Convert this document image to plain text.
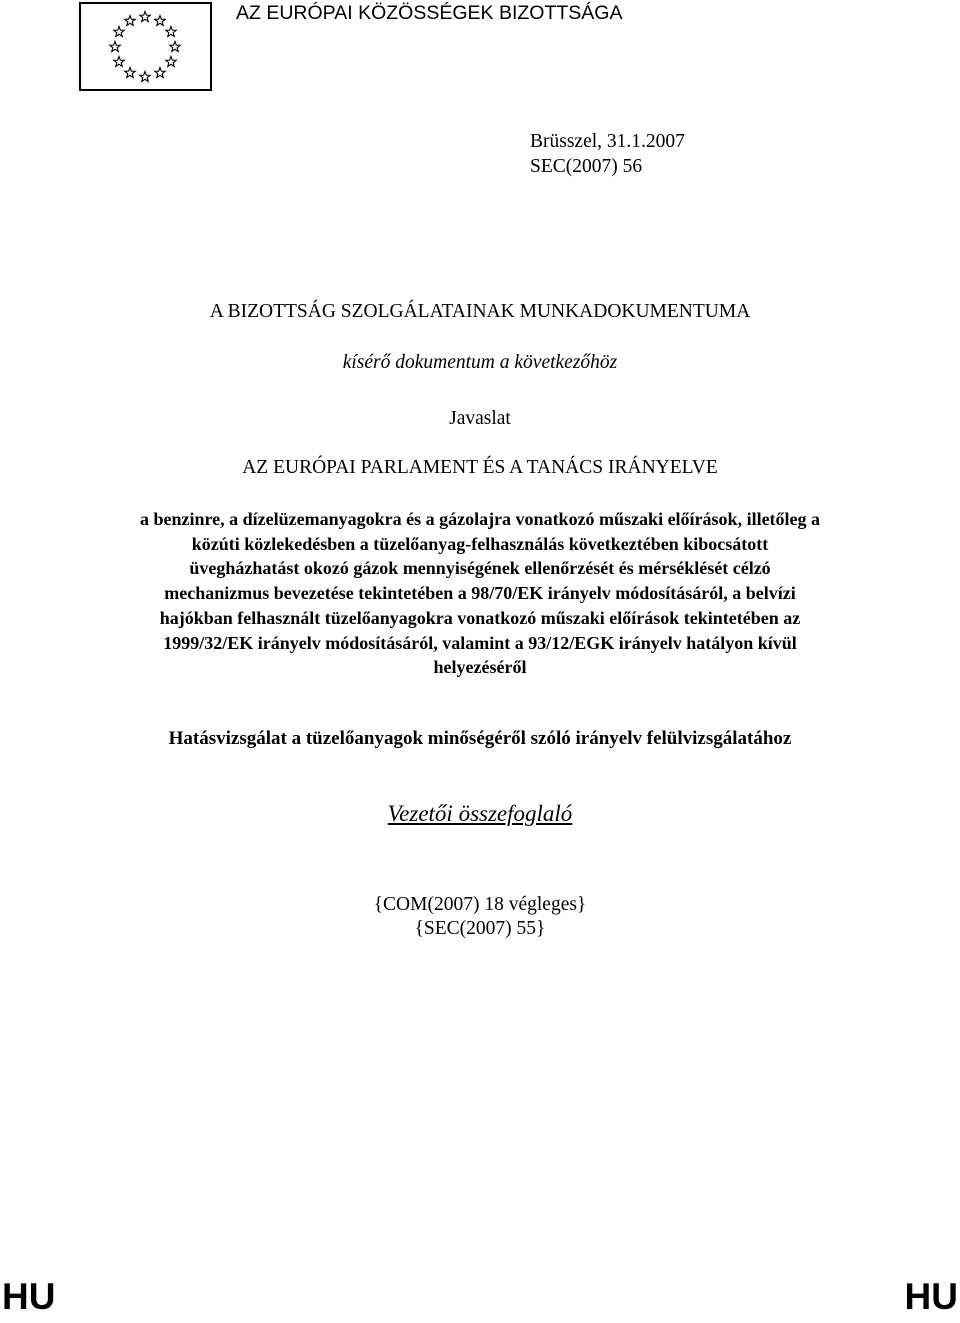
AZ EURÓPAI KÖZÖSSÉGEK BIZOTTSÁGA
Brüsszel, 31.1.2007
SEC(2007) 56
A BIZOTTSÁG SZOLGÁLATAINAK MUNKADOKUMENTUMA
kísérő dokumentum a következőhöz
Javaslat
AZ EURÓPAI PARLAMENT ÉS A TANÁCS IRÁNYELVE
a benzinre, a dízelüzemanyagokra és a gázolajra vonatkozó műszaki előírások, illetőleg a
közúti közlekedésben a tüzelőanyag-felhasználás következtében kibocsátott
üvegházhatást okozó gázok mennyiségének ellenőrzését és mérséklését célzó
mechanizmus bevezetése tekintetében a 98/70/EK irányelv módosításáról, a belvízi
hajókban felhasznált tüzelőanyagokra vonatkozó műszaki előírások tekintetében az
1999/32/EK irányelv módosításáról, valamint a 93/12/EGK irányelv hatályon kívül
helyezéséről
Hatásvizsgálat a tüzelőanyagok minőségéről szóló irányelv felülvizsgálatához
Vezetői összefoglaló
{COM(2007) 18 végleges}
{SEC(2007) 55}
HU	HU
